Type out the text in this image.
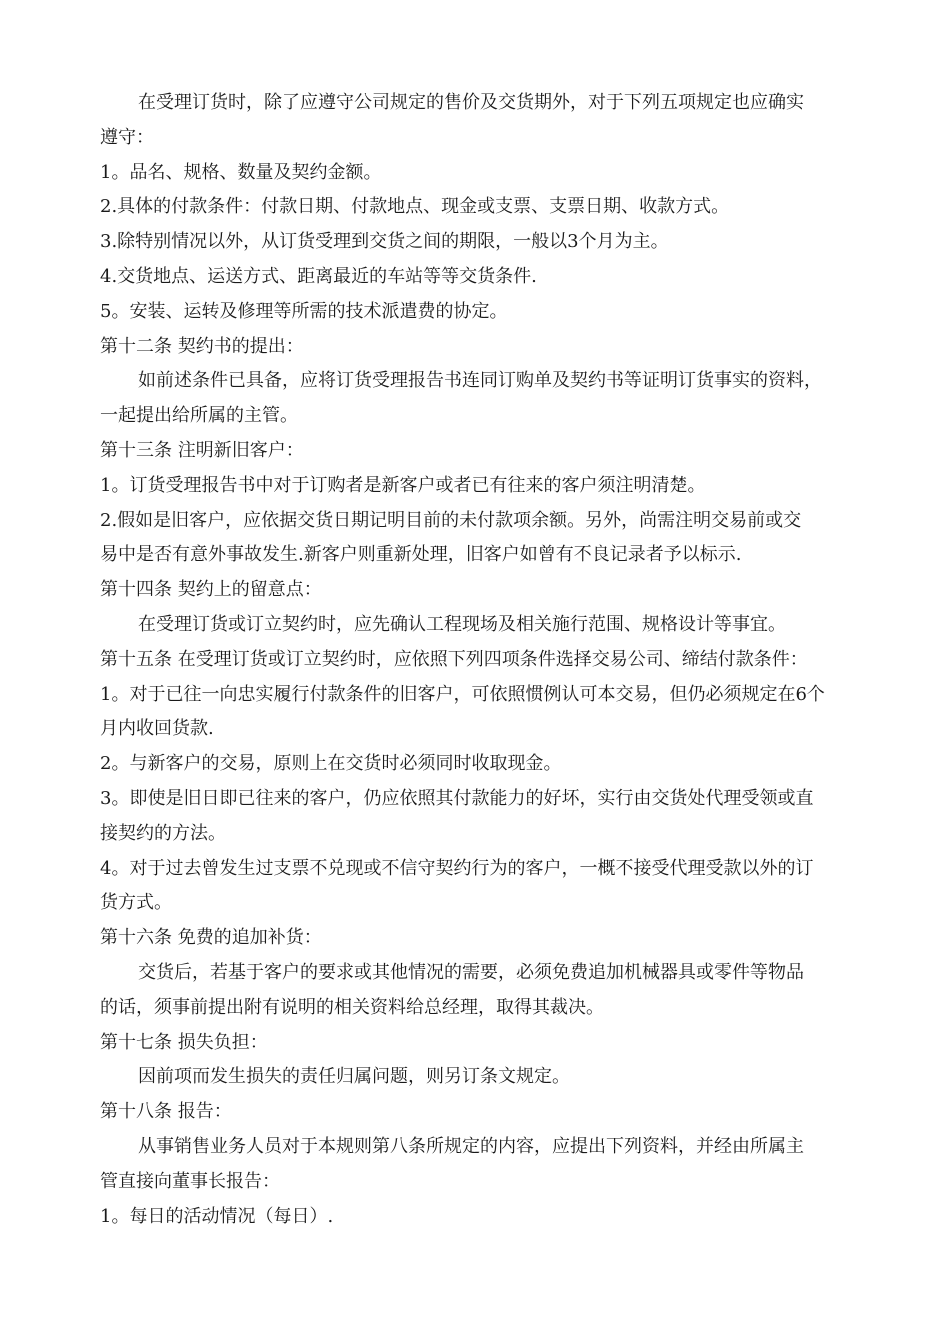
在受理订货时，除了应遵守公司规定的售价及交货期外，对于下列五项规定也应确实
遵守：
1。品名、规格、数量及契约金额。
2.具体的付款条件：付款日期、付款地点、现金或支票、支票日期、收款方式。
3.除特别情况以外，从订货受理到交货之间的期限，一般以3个月为主。
4.交货地点、运送方式、距离最近的车站等等交货条件.
5。安装、运转及修理等所需的技术派遣费的协定。
第十二条 契约书的提出：
如前述条件已具备，应将订货受理报告书连同订购单及契约书等证明订货事实的资料，
一起提出给所属的主管。
第十三条 注明新旧客户：
1。订货受理报告书中对于订购者是新客户或者已有往来的客户须注明清楚。
2.假如是旧客户，应依据交货日期记明目前的未付款项余额。另外，尚需注明交易前或交
易中是否有意外事故发生.新客户则重新处理，旧客户如曾有不良记录者予以标示.
第十四条 契约上的留意点：
在受理订货或订立契约时，应先确认工程现场及相关施行范围、规格设计等事宜。
第十五条 在受理订货或订立契约时，应依照下列四项条件选择交易公司、缔结付款条件：
1。对于已往一向忠实履行付款条件的旧客户，可依照惯例认可本交易，但仍必须规定在6个
月内收回货款.
2。与新客户的交易，原则上在交货时必须同时收取现金。
3。即使是旧日即已往来的客户，仍应依照其付款能力的好坏，实行由交货处代理受领或直
接契约的方法。
4。对于过去曾发生过支票不兑现或不信守契约行为的客户，一概不接受代理受款以外的订
货方式。
第十六条 免费的追加补货：
交货后，若基于客户的要求或其他情况的需要，必须免费追加机械器具或零件等物品
的话，须事前提出附有说明的相关资料给总经理，取得其裁决。
第十七条 损失负担：
因前项而发生损失的责任归属问题，则另订条文规定。
第十八条 报告：
从事销售业务人员对于本规则第八条所规定的内容，应提出下列资料，并经由所属主
管直接向董事长报告：
1。每日的活动情况（每日）.
